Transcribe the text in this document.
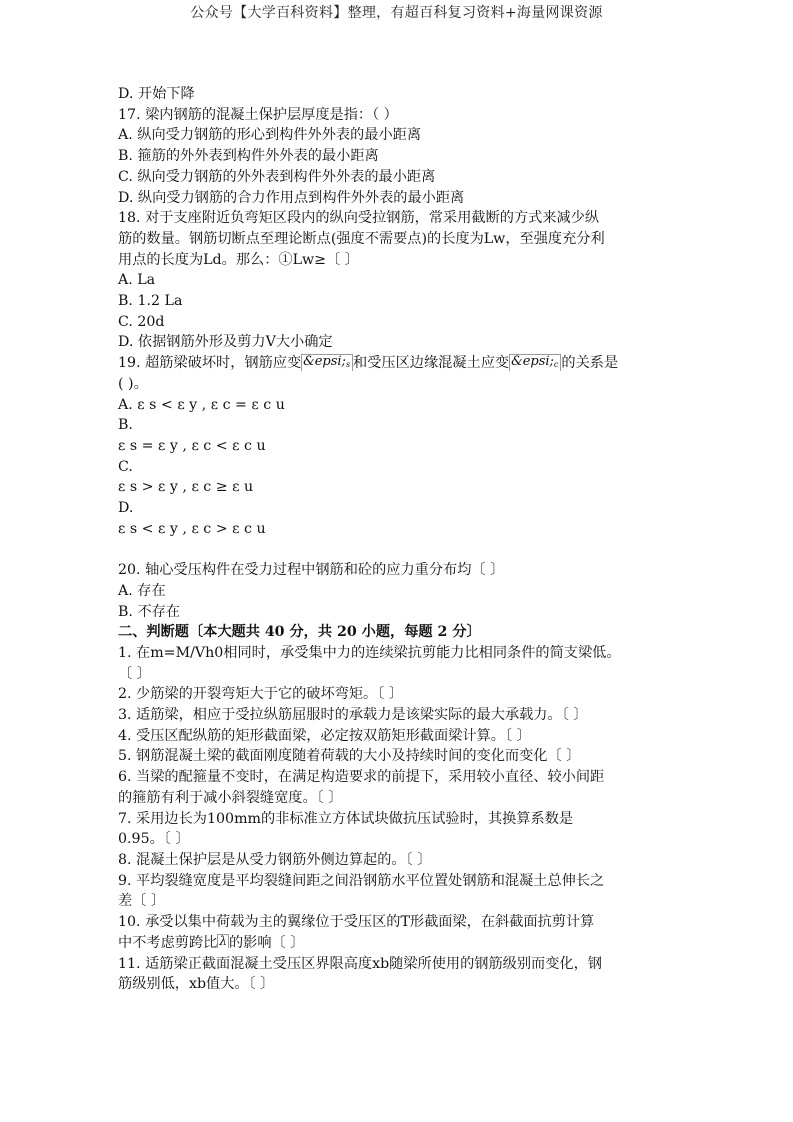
公众号【大学百科资料】整理，有超百科复习资料+海量网课资源
D. 开始下降
17. 梁内钢筋的混凝土保护层厚度是指：（ ）
A. 纵向受力钢筋的形心到构件外外表的最小距离
B. 箍筋的外外表到构件外外表的最小距离
C. 纵向受力钢筋的外外表到构件外外表的最小距离
D. 纵向受力钢筋的合力作用点到构件外外表的最小距离
18. 对于支座附近负弯矩区段内的纵向受拉钢筋，常采用截断的方式来减少纵
筋的数量。钢筋切断点至理论断点(强度不需要点)的长度为Lw，至强度充分利
用点的长度为Ld。那么：①Lw≥〔 〕
A. La
B. 1.2 La
C. 20d
D. 依据钢筋外形及剪力V大小确定
19. 超筋梁破坏时，钢筋应变 &epsi;s 和受压区边缘混凝土应变 &epsi;c 的关系是
( )。
A. ε s < ε y , ε c = ε c u
B.
ε s = ε y , ε c < ε c u
C.
ε s > ε y , ε c ≥ ε u
D.
ε s < ε y , ε c > ε c u
20. 轴心受压构件在受力过程中钢筋和砼的应力重分布均〔 〕
A. 存在
B. 不存在
二、判断题〔本大题共 40 分，共 20 小题，每题 2 分〕
1. 在m=M/Vh0相同时，承受集中力的连续梁抗剪能力比相同条件的简支梁低。
〔 〕
2. 少筋梁的开裂弯矩大于它的破坏弯矩。〔 〕
3. 适筋梁，相应于受拉纵筋屈服时的承载力是该梁实际的最大承载力。〔 〕
4. 受压区配纵筋的矩形截面梁，必定按双筋矩形截面梁计算。〔 〕
5. 钢筋混凝土梁的截面刚度随着荷载的大小及持续时间的变化而变化〔 〕
6. 当梁的配箍量不变时，在满足构造要求的前提下，采用较小直径、较小间距
的箍筋有利于减小斜裂缝宽度。〔 〕
7. 采用边长为100mm的非标准立方体试块做抗压试验时，其换算系数是
0.95。〔 〕
8. 混凝土保护层是从受力钢筋外侧边算起的。〔 〕
9. 平均裂缝宽度是平均裂缝间距之间沿钢筋水平位置处钢筋和混凝土总伸长之
差〔 〕
10. 承受以集中荷载为主的翼缘位于受压区的T形截面梁，在斜截面抗剪计算
中不考虑剪跨比 λ 的影响〔 〕
11. 适筋梁正截面混凝土受压区界限高度xb随梁所使用的钢筋级别而变化，钢
筋级别低，xb值大。〔 〕
